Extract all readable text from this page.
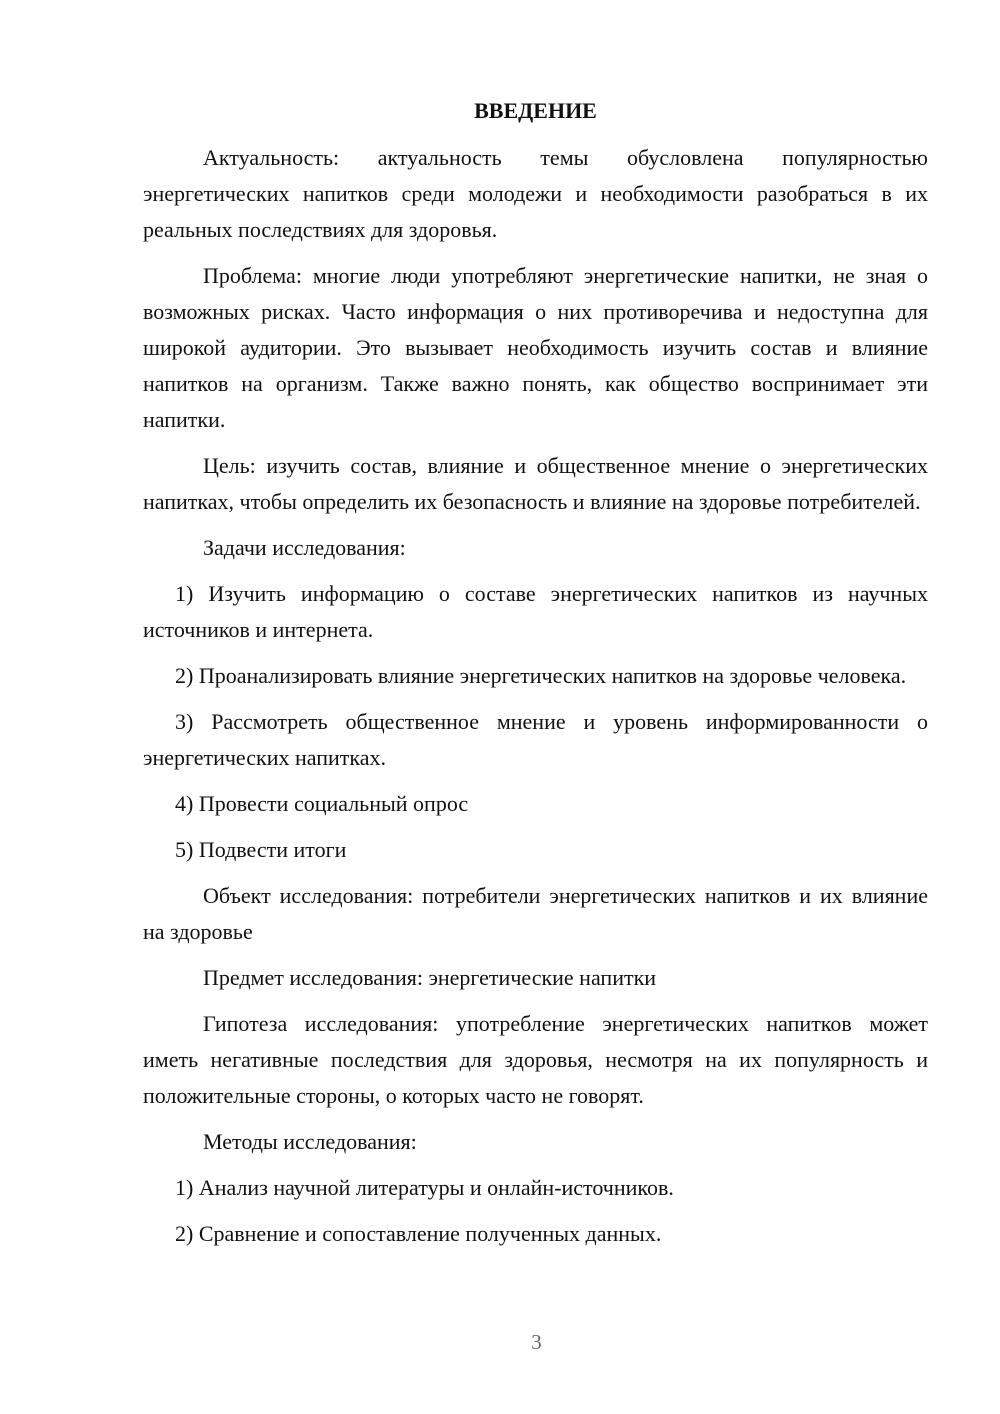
ВВЕДЕНИЕ

Актуальность: актуальность темы обусловлена популярностью энергетических напитков среди молодежи и необходимости разобраться в их реальных последствиях для здоровья.

Проблема: многие люди употребляют энергетические напитки, не зная о возможных рисках. Часто информация о них противоречива и недоступна для широкой аудитории. Это вызывает необходимость изучить состав и влияние напитков на организм. Также важно понять, как общество воспринимает эти напитки.

Цель: изучить состав, влияние и общественное мнение о энергетических напитках, чтобы определить их безопасность и влияние на здоровье потребителей.

Задачи исследования:

1) Изучить информацию о составе энергетических напитков из научных источников и интернета.

2) Проанализировать влияние энергетических напитков на здоровье человека.

3) Рассмотреть общественное мнение и уровень информированности о энергетических напитках.

4) Провести социальный опрос

5) Подвести итоги

Объект исследования: потребители энергетических напитков и их влияние на здоровье

Предмет исследования: энергетические напитки

Гипотеза исследования: употребление энергетических напитков может иметь негативные последствия для здоровья, несмотря на их популярность и положительные стороны, о которых часто не говорят.

Методы исследования:

1) Анализ научной литературы и онлайн-источников.

2) Сравнение и сопоставление полученных данных.

3
